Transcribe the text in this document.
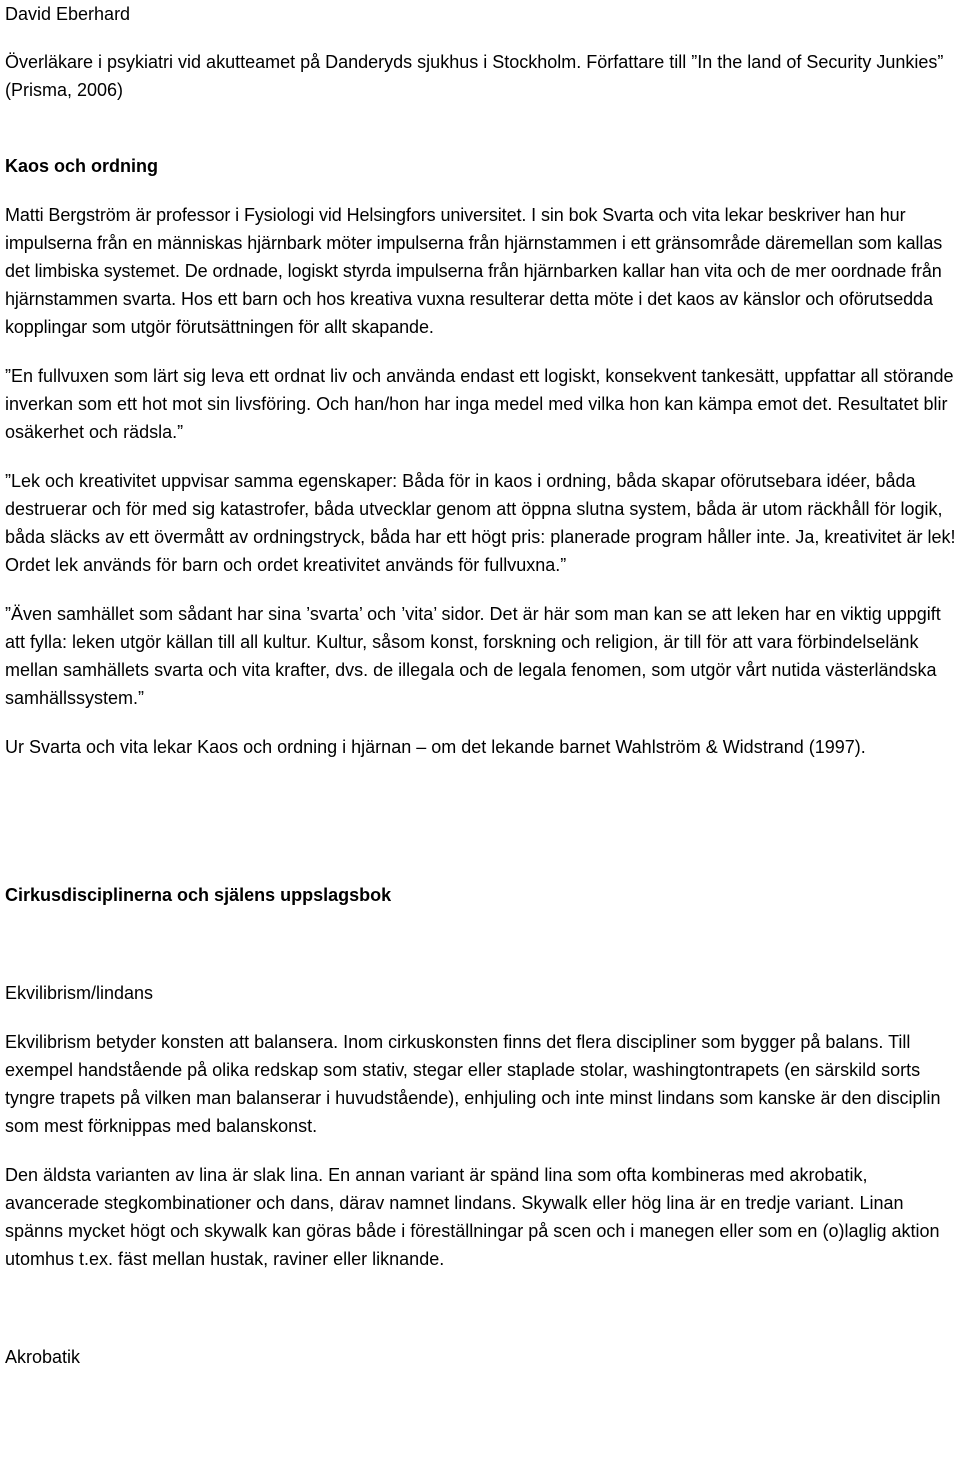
David Eberhard

Överläkare i psykiatri vid akutteamet på Danderyds sjukhus i Stockholm. Författare till ”In the land of Security Junkies” (Prisma, 2006)

Kaos och ordning

Matti Bergström är professor i Fysiologi vid Helsingfors universitet. I sin bok Svarta och vita lekar beskriver han hur impulserna från en människas hjärnbark möter impulserna från hjärnstammen i ett gränsområde däremellan som kallas det limbiska systemet. De ordnade, logiskt styrda impulserna från hjärnbarken kallar han vita och de mer oordnade från hjärnstammen svarta. Hos ett barn och hos kreativa vuxna resulterar detta möte i det kaos av känslor och oförutsedda kopplingar som utgör förutsättningen för allt skapande.

”En fullvuxen som lärt sig leva ett ordnat liv och använda endast ett logiskt, konsekvent tankesätt, uppfattar all störande inverkan som ett hot mot sin livsföring. Och han/hon har inga medel med vilka hon kan kämpa emot det. Resultatet blir osäkerhet och rädsla.”

”Lek och kreativitet uppvisar samma egenskaper: Båda för in kaos i ordning, båda skapar oförutsebara idéer, båda destruerar och för med sig katastrofer, båda utvecklar genom att öppna slutna system, båda är utom räckhåll för logik, båda släcks av ett övermått av ordningstryck, båda har ett högt pris: planerade program håller inte. Ja, kreativitet är lek! Ordet lek används för barn och ordet kreativitet används för fullvuxna.”

”Även samhället som sådant har sina ’svarta’ och ’vita’ sidor. Det är här som man kan se att leken har en viktig uppgift att fylla: leken utgör källan till all kultur. Kultur, såsom konst, forskning och religion, är till för att vara förbindelselänk mellan samhällets svarta och vita krafter, dvs. de illegala och de legala fenomen, som utgör vårt nutida västerländska samhällssystem.”

Ur Svarta och vita lekar Kaos och ordning i hjärnan – om det lekande barnet Wahlström & Widstrand (1997).

Cirkusdisciplinerna och själens uppslagsbok

Ekvilibrism/lindans

Ekvilibrism betyder konsten att balansera. Inom cirkuskonsten finns det flera discipliner som bygger på balans. Till exempel handstående på olika redskap som stativ, stegar eller staplade stolar, washingtontrapets (en särskild sorts tyngre trapets på vilken man balanserar i huvudstående), enhjuling och inte minst lindans som kanske är den disciplin som mest förknippas med balanskonst.

Den äldsta varianten av lina är slak lina. En annan variant är spänd lina som ofta kombineras med akrobatik, avancerade stegkombinationer och dans, därav namnet lindans. Skywalk eller hög lina är en tredje variant. Linan spänns mycket högt och skywalk kan göras både i föreställningar på scen och i manegen eller som en (o)laglig aktion utomhus t.ex. fäst mellan hustak, raviner eller liknande.

Akrobatik
